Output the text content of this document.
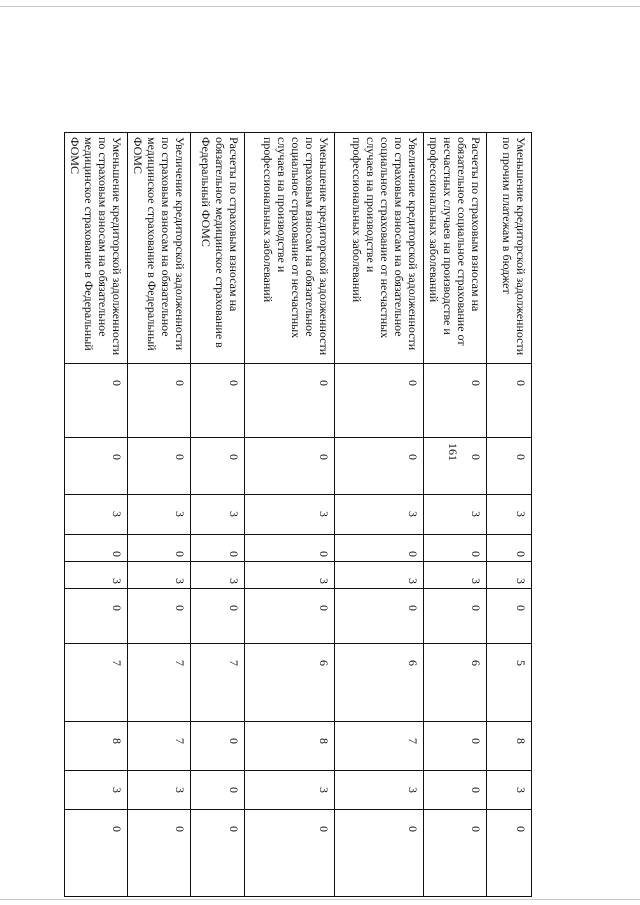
161
Уменьшение кредиторской задолженности по прочим платежам в бюджет	0	0	3	0	3	0	5	8	3	0
Расчеты по страховым взносам на обязательное социальное страхование от несчастных случаев на производстве и профессиональных заболеваний	0	0	3	0	3	0	6	0	0	0
Увеличение кредиторской задолженности по страховым взносам на обязательное социальное страхование от несчастных случаев на производстве и профессиональных заболеваний	0	0	3	0	3	0	6	7	3	0
Уменьшение кредиторской задолженности по страховым взносам на обязательное социальное страхование от несчастных случаев на производстве и профессиональных заболеваний	0	0	3	0	3	0	6	8	3	0
Расчеты по страховым взносам на обязательное медицинское страхование в Федеральный ФОМС	0	0	3	0	3	0	7	0	0	0
Увеличение кредиторской задолженности по страховым взносам на обязательное медицинское страхование в Федеральный ФОМС	0	0	3	0	3	0	7	7	3	0
Уменьшение кредиторской задолженности по страховым взносам на обязательное медицинское страхование в Федеральный ФОМС	0	0	3	0	3	0	7	8	3	0
